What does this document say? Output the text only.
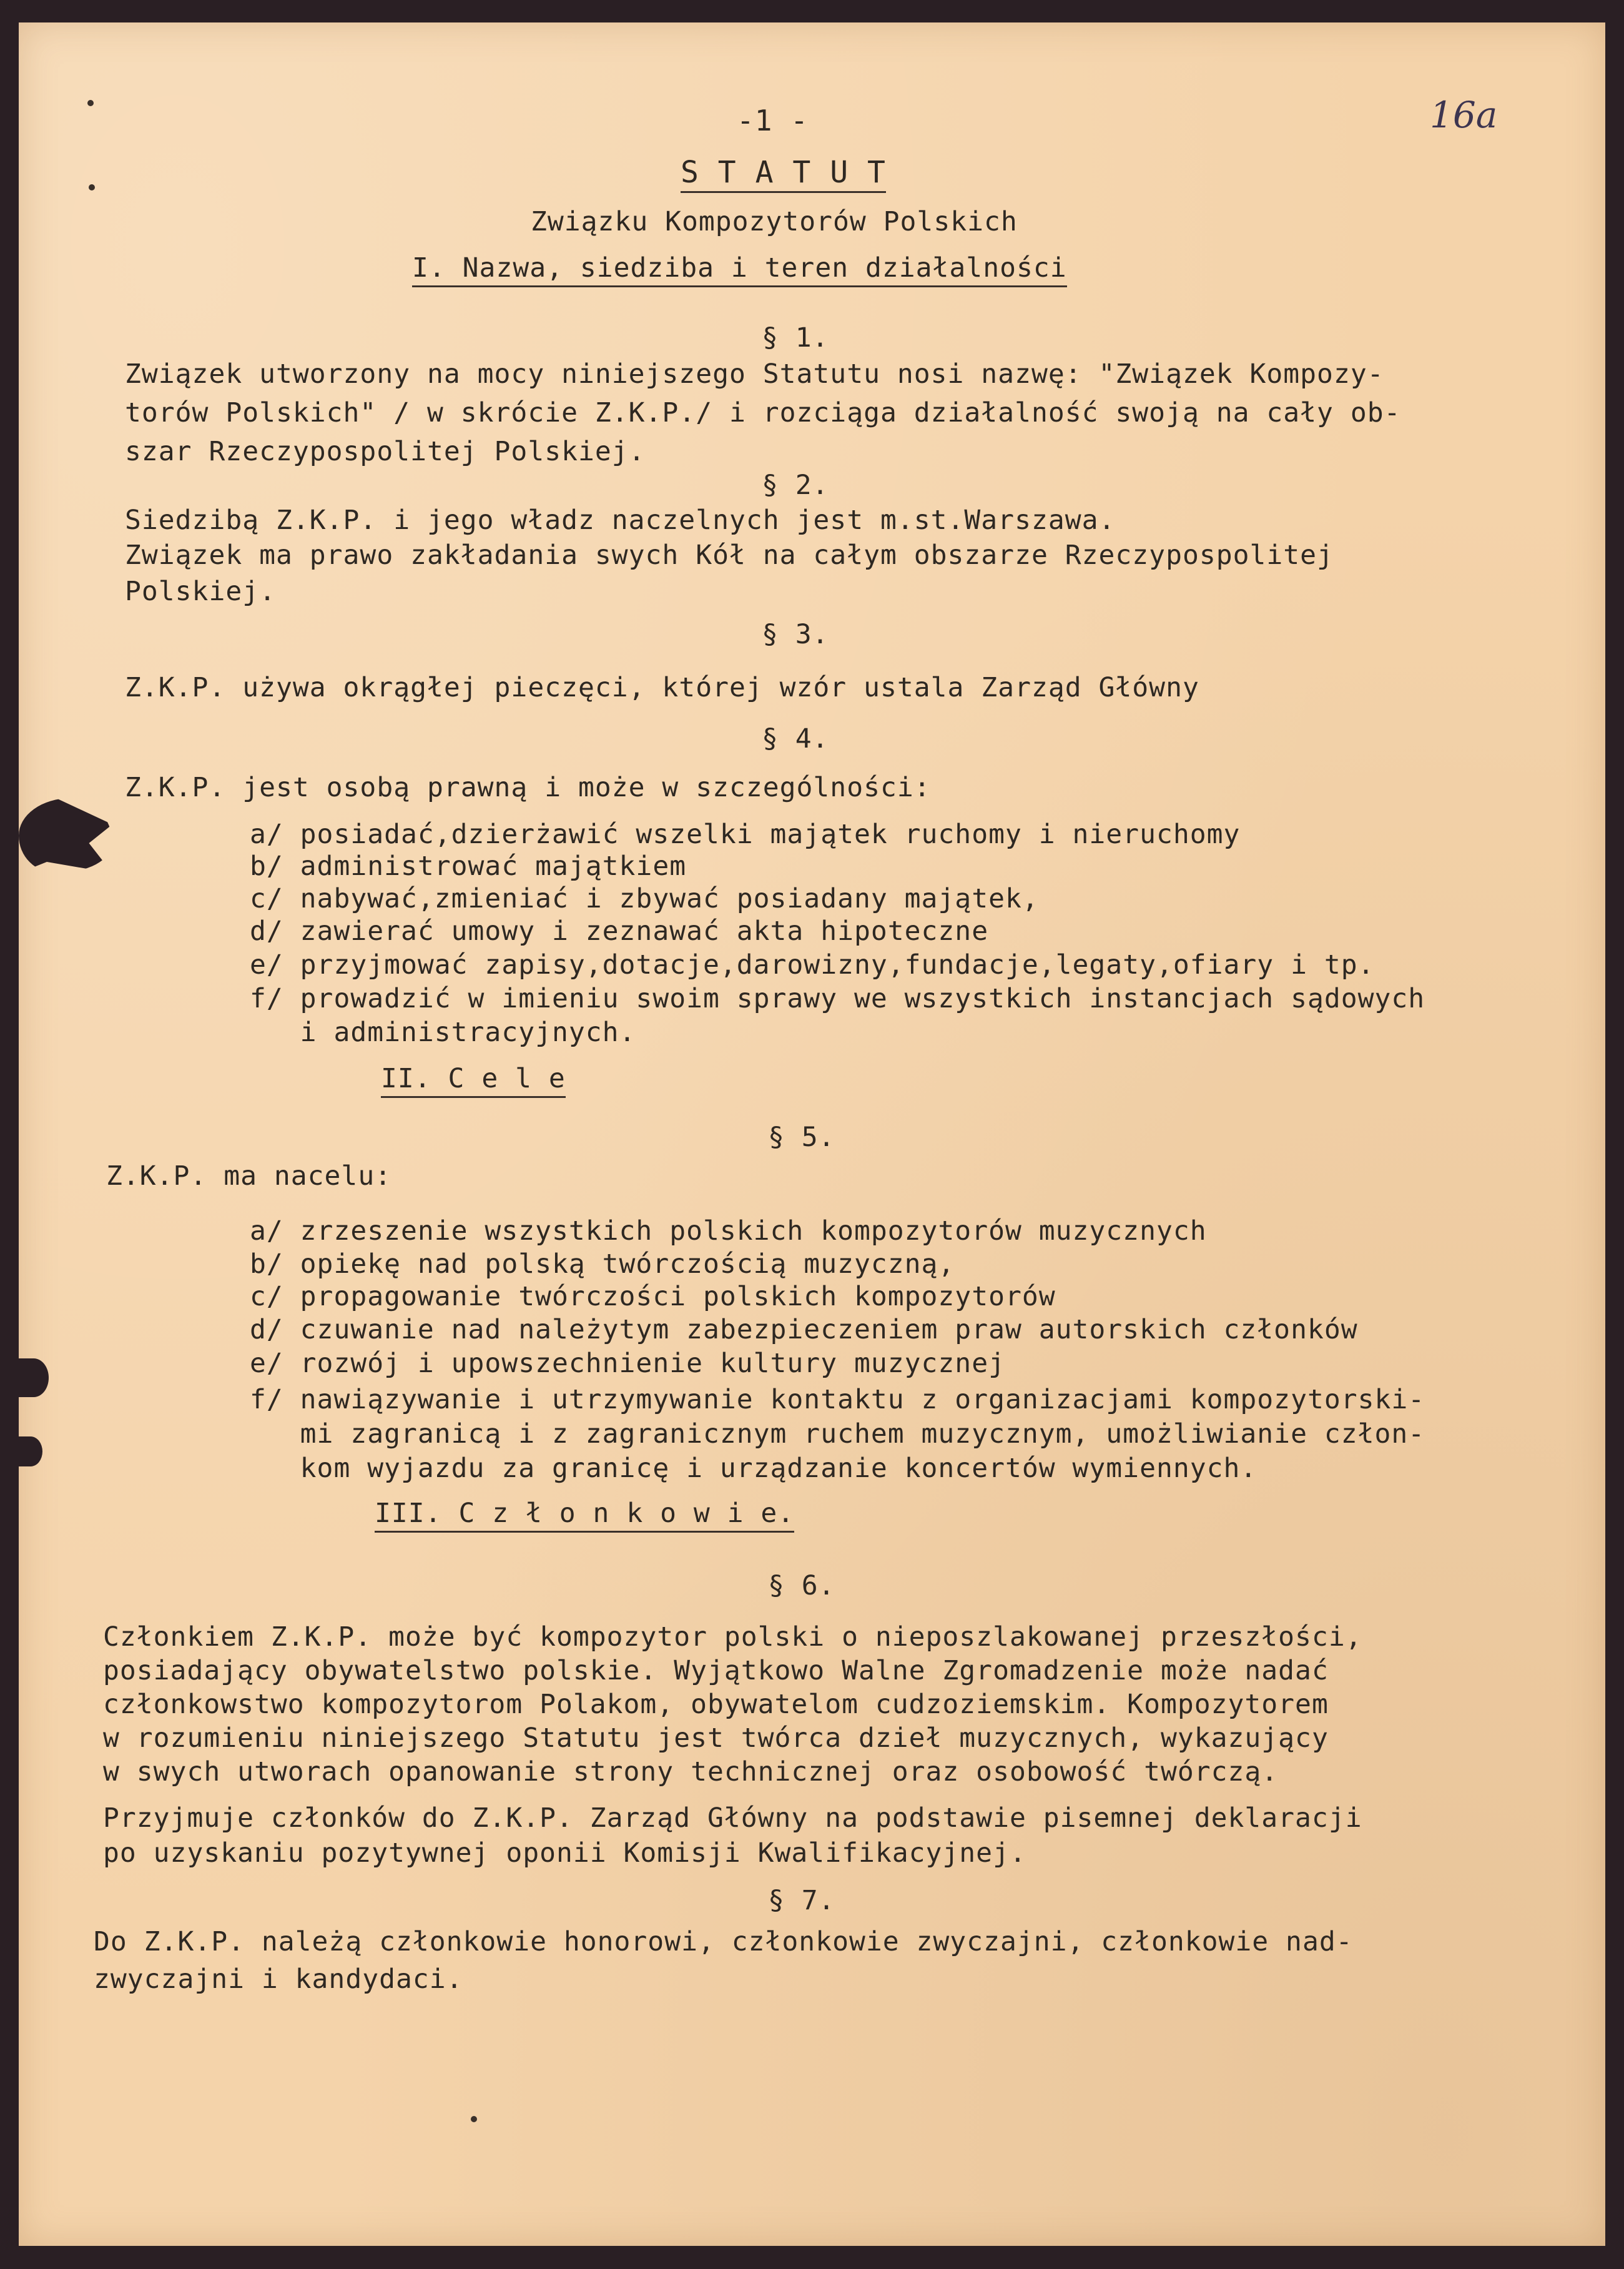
-1 -	16a
S T A T U T
Związku Kompozytorów Polskich
I. Nazwa, siedziba i teren działalności
§ 1.
Związek utworzony na mocy niniejszego Statutu nosi nazwę: "Związek Kompozy-
torów Polskich" / w skrócie Z.K.P./ i rozciąga działalność swoją na cały ob-
szar Rzeczypospolitej Polskiej.
§ 2.
Siedzibą Z.K.P. i jego władz naczelnych jest m.st.Warszawa.
Związek ma prawo zakładania swych Kół na całym obszarze Rzeczypospolitej
Polskiej.
§ 3.
Z.K.P. używa okrągłej pieczęci, której wzór ustala Zarząd Główny
§ 4.
Z.K.P. jest osobą prawną i może w szczególności:
a/ posiadać,dzierżawić wszelki majątek ruchomy i nieruchomy
b/ administrować majątkiem
c/ nabywać,zmieniać i zbywać posiadany majątek,
d/ zawierać umowy i zeznawać akta hipoteczne
e/ przyjmować zapisy,dotacje,darowizny,fundacje,legaty,ofiary i tp.
f/ prowadzić w imieniu swoim sprawy we wszystkich instancjach sądowych
i administracyjnych.
II. C e l e
§ 5.
Z.K.P. ma nacelu:
a/ zrzeszenie wszystkich polskich kompozytorów muzycznych
b/ opiekę nad polską twórczością muzyczną,
c/ propagowanie twórczości polskich kompozytorów
d/ czuwanie nad należytym zabezpieczeniem praw autorskich członków
e/ rozwój i upowszechnienie kultury muzycznej
f/ nawiązywanie i utrzymywanie kontaktu z organizacjami kompozytorski-
mi zagranicą i z zagranicznym ruchem muzycznym, umożliwianie człon-
kom wyjazdu za granicę i urządzanie koncertów wymiennych.
III. C z ł o n k o w i e.
§ 6.
Członkiem Z.K.P. może być kompozytor polski o nieposzlakowanej przeszłości,
posiadający obywatelstwo polskie. Wyjątkowo Walne Zgromadzenie może nadać
członkowstwo kompozytorom Polakom, obywatelom cudzoziemskim. Kompozytorem
w rozumieniu niniejszego Statutu jest twórca dzieł muzycznych, wykazujący
w swych utworach opanowanie strony technicznej oraz osobowość twórczą.
Przyjmuje członków do Z.K.P. Zarząd Główny na podstawie pisemnej deklaracji
po uzyskaniu pozytywnej oponii Komisji Kwalifikacyjnej.
§ 7.
Do Z.K.P. należą członkowie honorowi, członkowie zwyczajni, członkowie nad-
zwyczajni i kandydaci.
